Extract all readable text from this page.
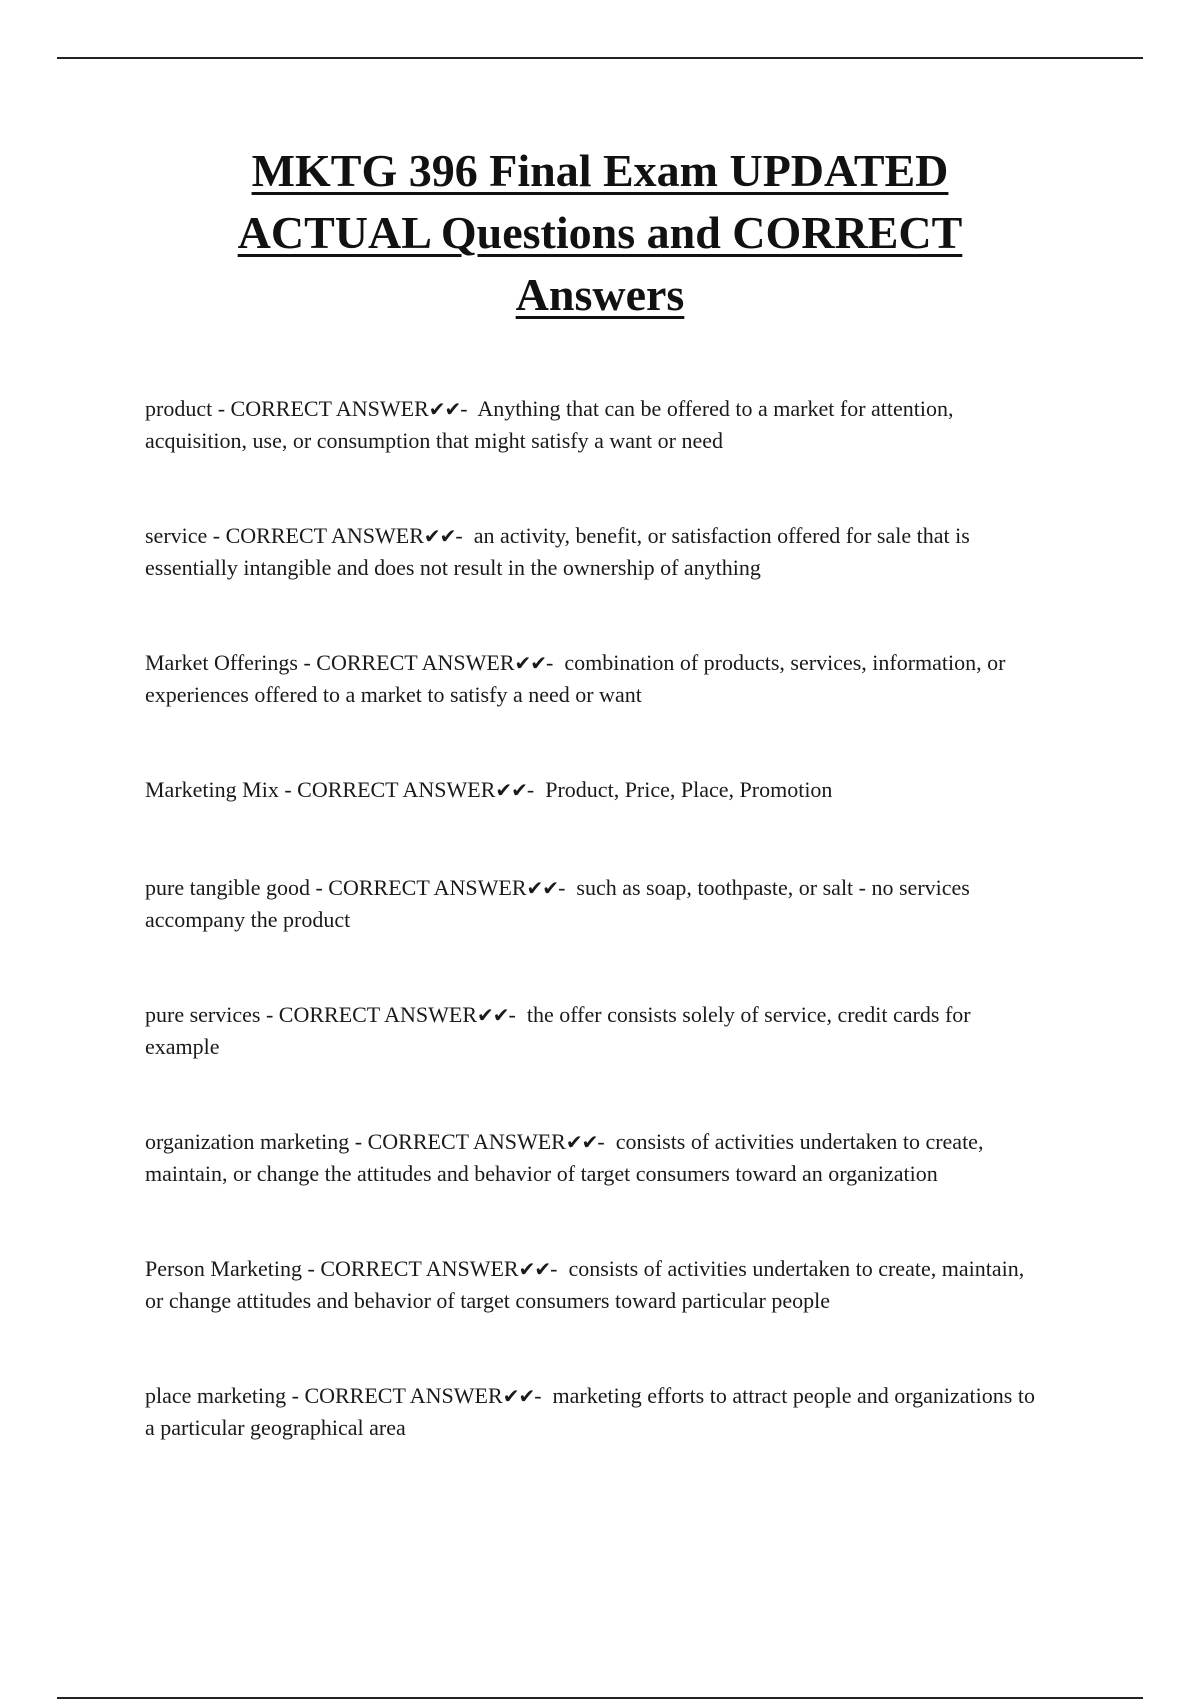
MKTG 396 Final Exam UPDATED ACTUAL Questions and CORRECT Answers
product - CORRECT ANSWER✔✔-  Anything that can be offered to a market for attention, acquisition, use, or consumption that might satisfy a want or need
service - CORRECT ANSWER✔✔-  an activity, benefit, or satisfaction offered for sale that is essentially intangible and does not result in the ownership of anything
Market Offerings - CORRECT ANSWER✔✔-  combination of products, services, information, or experiences offered to a market to satisfy a need or want
Marketing Mix - CORRECT ANSWER✔✔-  Product, Price, Place, Promotion
pure tangible good - CORRECT ANSWER✔✔-  such as soap, toothpaste, or salt - no services accompany the product
pure services - CORRECT ANSWER✔✔-  the offer consists solely of service, credit cards for example
organization marketing - CORRECT ANSWER✔✔-  consists of activities undertaken to create, maintain, or change the attitudes and behavior of target consumers toward an organization
Person Marketing - CORRECT ANSWER✔✔-  consists of activities undertaken to create, maintain, or change attitudes and behavior of target consumers toward particular people
place marketing - CORRECT ANSWER✔✔-  marketing efforts to attract people and organizations to a particular geographical area
